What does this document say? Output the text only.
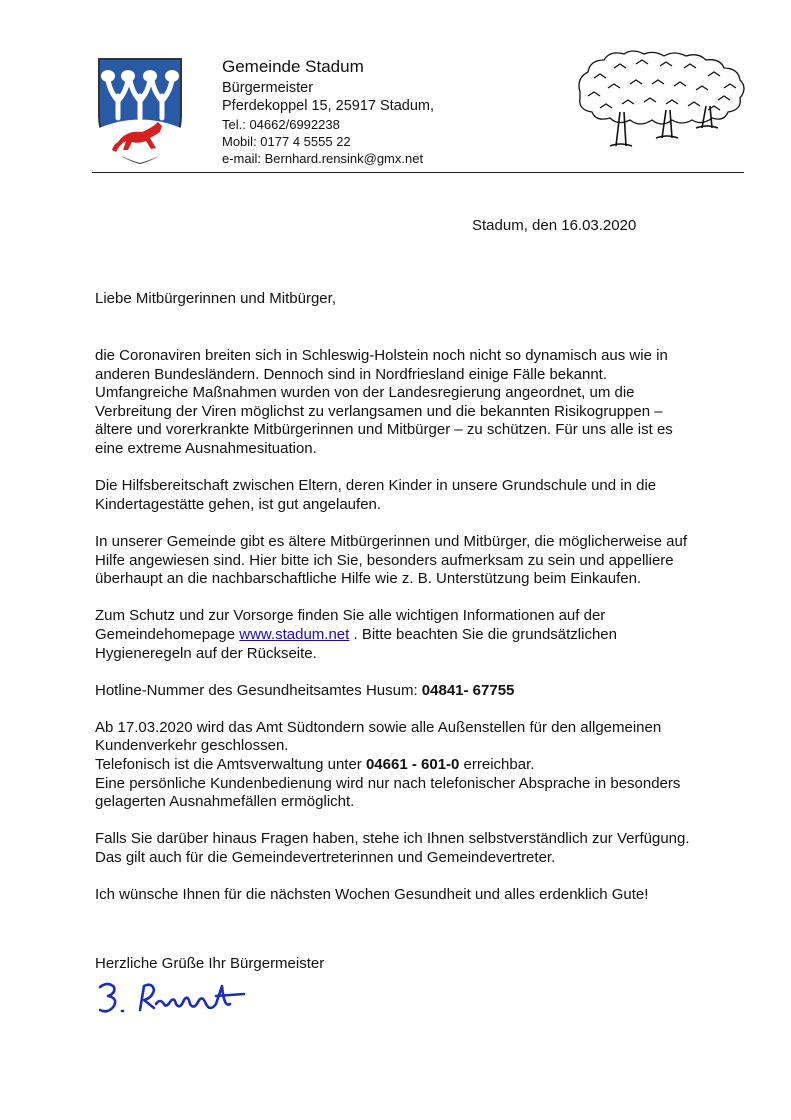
Gemeinde Stadum
Bürgermeister
Pferdekoppel 15, 25917 Stadum,
Tel.: 04662/6992238
Mobil: 0177 4 5555 22
e-mail: Bernhard.rensink@gmx.net
Stadum, den 16.03.2020
Liebe Mitbürgerinnen und Mitbürger,

die Coronaviren breiten sich in Schleswig-Holstein noch nicht so dynamisch aus wie in
anderen Bundesländern. Dennoch sind in Nordfriesland einige Fälle bekannt.
Umfangreiche Maßnahmen wurden von der Landesregierung angeordnet, um die
Verbreitung der Viren möglichst zu verlangsamen und die bekannten Risikogruppen –
ältere und vorerkrankte Mitbürgerinnen und Mitbürger – zu schützen. Für uns alle ist es
eine extreme Ausnahmesituation.

Die Hilfsbereitschaft zwischen Eltern, deren Kinder in unsere Grundschule und in die
Kindertagestätte gehen, ist gut angelaufen.

In unserer Gemeinde gibt es ältere Mitbürgerinnen und Mitbürger, die möglicherweise auf
Hilfe angewiesen sind. Hier bitte ich Sie, besonders aufmerksam zu sein und appelliere
überhaupt an die nachbarschaftliche Hilfe wie z. B. Unterstützung beim Einkaufen.

Zum Schutz und zur Vorsorge finden Sie alle wichtigen Informationen auf der
Gemeindehomepage www.stadum.net . Bitte beachten Sie die grundsätzlichen
Hygieneregeln auf der Rückseite.

Hotline-Nummer des Gesundheitsamtes Husum: 04841- 67755

Ab 17.03.2020 wird das Amt Südtondern sowie alle Außenstellen für den allgemeinen
Kundenverkehr geschlossen.
Telefonisch ist die Amtsverwaltung unter 04661 - 601-0 erreichbar.
Eine persönliche Kundenbedienung wird nur nach telefonischer Absprache in besonders
gelagerten Ausnahmefällen ermöglicht.

Falls Sie darüber hinaus Fragen haben, stehe ich Ihnen selbstverständlich zur Verfügung.
Das gilt auch für die Gemeindevertreterinnen und Gemeindevertreter.

Ich wünsche Ihnen für die nächsten Wochen Gesundheit und alles erdenklich Gute!

Herzliche Grüße Ihr Bürgermeister
